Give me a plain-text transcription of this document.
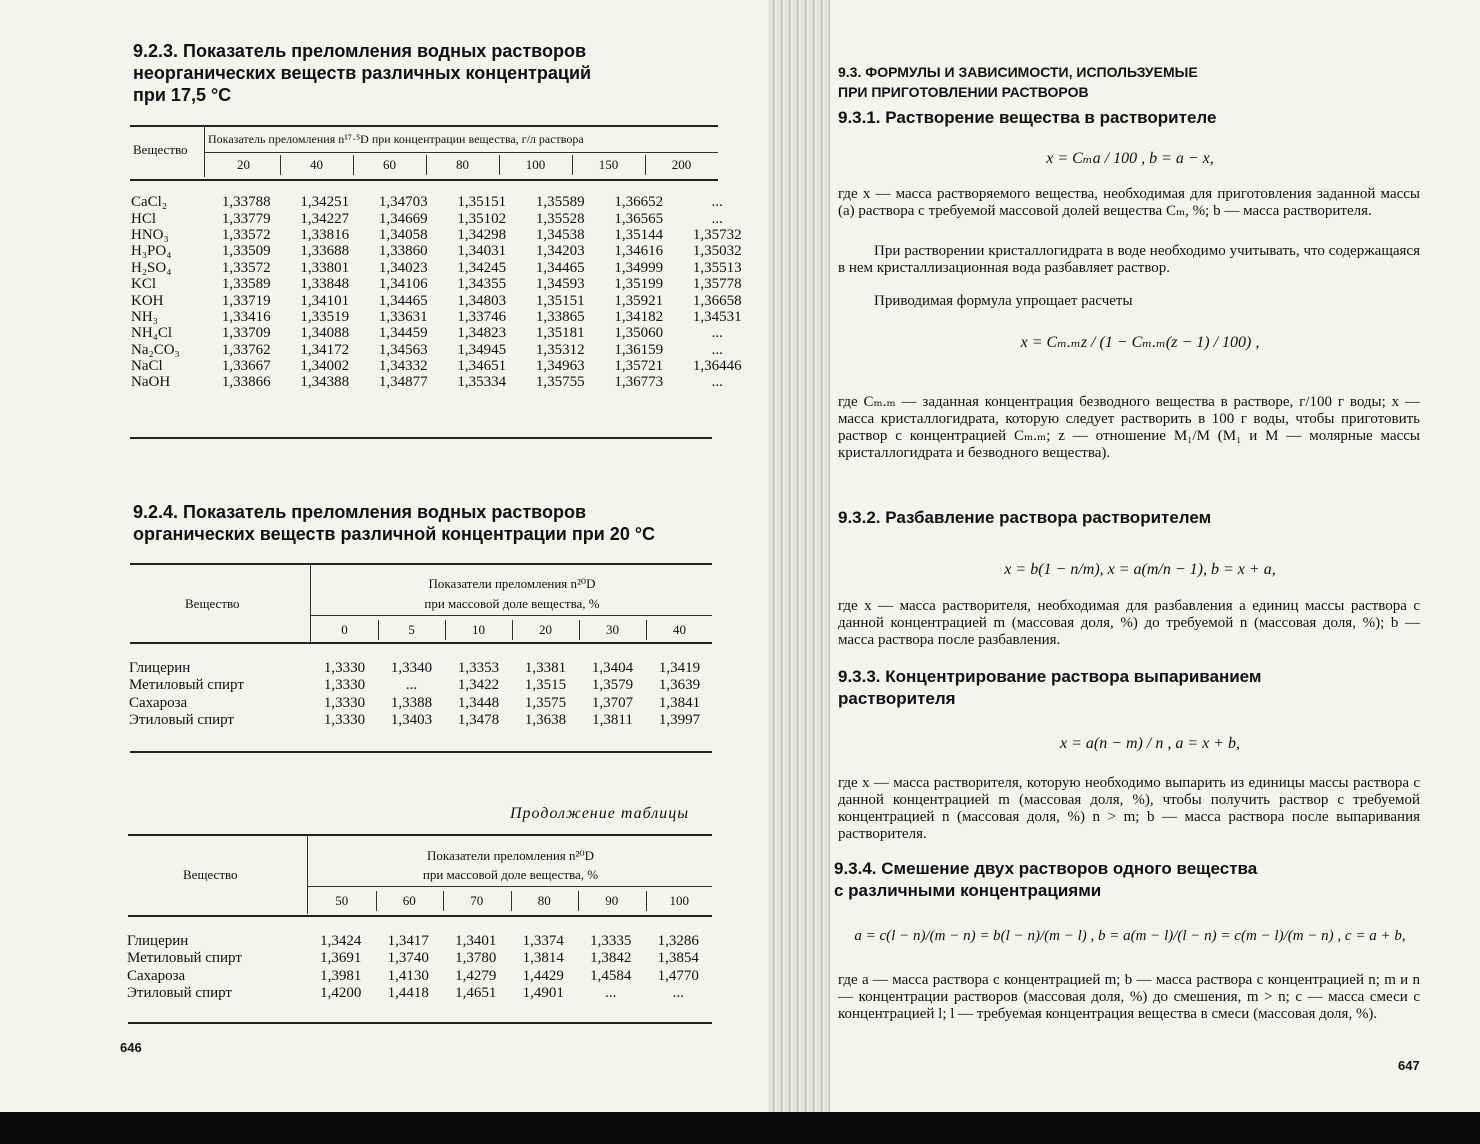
9.2.3. Показатель преломления водных растворов
неорганических веществ различных концентраций
при 17,5 °C
Вещество
Показатель преломления n¹⁷·⁵D при концентрации вещества, г/л раствора
20	40	60	80	100	150	200
CaCl₂	1,33788	1,34251	1,34703	1,35151	1,35589	1,36652	...
HCl	1,33779	1,34227	1,34669	1,35102	1,35528	1,36565	...
HNO₃	1,33572	1,33816	1,34058	1,34298	1,34538	1,35144	1,35732
H₃PO₄	1,33509	1,33688	1,33860	1,34031	1,34203	1,34616	1,35032
H₂SO₄	1,33572	1,33801	1,34023	1,34245	1,34465	1,34999	1,35513
KCl	1,33589	1,33848	1,34106	1,34355	1,34593	1,35199	1,35778
KOH	1,33719	1,34101	1,34465	1,34803	1,35151	1,35921	1,36658
NH₃	1,33416	1,33519	1,33631	1,33746	1,33865	1,34182	1,34531
NH₄Cl	1,33709	1,34088	1,34459	1,34823	1,35181	1,35060	...
Na₂CO₃	1,33762	1,34172	1,34563	1,34945	1,35312	1,36159	...
NaCl	1,33667	1,34002	1,34332	1,34651	1,34963	1,35721	1,36446
NaOH	1,33866	1,34388	1,34877	1,35334	1,35755	1,36773	...
9.2.4. Показатель преломления водных растворов
органических веществ различной концентрации при 20 °C
Вещество
Показатели преломления n²⁰D
при массовой доле вещества, %
0	5	10	20	30	40
Глицерин	1,3330	1,3340	1,3353	1,3381	1,3404	1,3419
Метиловый спирт	1,3330	...	1,3422	1,3515	1,3579	1,3639
Сахароза	1,3330	1,3388	1,3448	1,3575	1,3707	1,3841
Этиловый спирт	1,3330	1,3403	1,3478	1,3638	1,3811	1,3997
Продолжение таблицы
Вещество
Показатели преломления n²⁰D
при массовой доле вещества, %
50	60	70	80	90	100
Глицерин	1,3424	1,3417	1,3401	1,3374	1,3335	1,3286
Метиловый спирт	1,3691	1,3740	1,3780	1,3814	1,3842	1,3854
Сахароза	1,3981	1,4130	1,4279	1,4429	1,4584	1,4770
Этиловый спирт	1,4200	1,4418	1,4651	1,4901	...	...
646
9.3. ФОРМУЛЫ И ЗАВИСИМОСТИ, ИСПОЛЬЗУЕМЫЕ
ПРИ ПРИГОТОВЛЕНИИ РАСТВОРОВ
9.3.1. Растворение вещества в растворителе
x = Cₘa / 100 , b = a − x,

где x — масса растворяемого вещества, необходимая для приготовления заданной массы (a) раствора с требуемой массовой долей вещества Cₘ, %; b — масса растворителя.

При растворении кристаллогидрата в воде необходимо учитывать, что содержащаяся в нем кристаллизационная вода разбавляет раствор.

Приводимая формула упрощает расчеты

x = Cₘ.ₘz / (1 − Cₘ.ₘ(z − 1) / 100) ,

где Cₘ.ₘ — заданная концентрация безводного вещества в растворе, г/100 г воды; x — масса кристаллогидрата, которую следует растворить в 100 г воды, чтобы приготовить раствор с концентрацией Cₘ.ₘ; z — отношение M₁/M (M₁ и M — молярные массы кристаллогидрата и безводного вещества).

9.3.2. Разбавление раствора растворителем
x = b(1 − n/m), x = a(m/n − 1), b = x + a,

где x — масса растворителя, необходимая для разбавления a единиц массы раствора с данной концентрацией m (массовая доля, %) до требуемой n (массовая доля, %); b — масса раствора после разбавления.

9.3.3. Концентрирование раствора выпариванием
растворителя
x = a(n − m) / n , a = x + b,

где x — масса растворителя, которую необходимо выпарить из единицы массы раствора с данной концентрацией m (массовая доля, %), чтобы получить раствор с требуемой концентрацией n (массовая доля, %) n > m; b — масса раствора после выпаривания растворителя.

9.3.4. Смешение двух растворов одного вещества
с различными концентрациями
a = c(l − n)/(m − n) = b(l − n)/(m − l) , b = a(m − l)/(l − n) = c(m − l)/(m − n) , c = a + b,

где a — масса раствора с концентрацией m; b — масса раствора с концентрацией n; m и n — концентрации растворов (массовая доля, %) до смешения, m > n; c — масса смеси с концентрацией l; l — требуемая концентрация вещества в смеси (массовая доля, %).

647
